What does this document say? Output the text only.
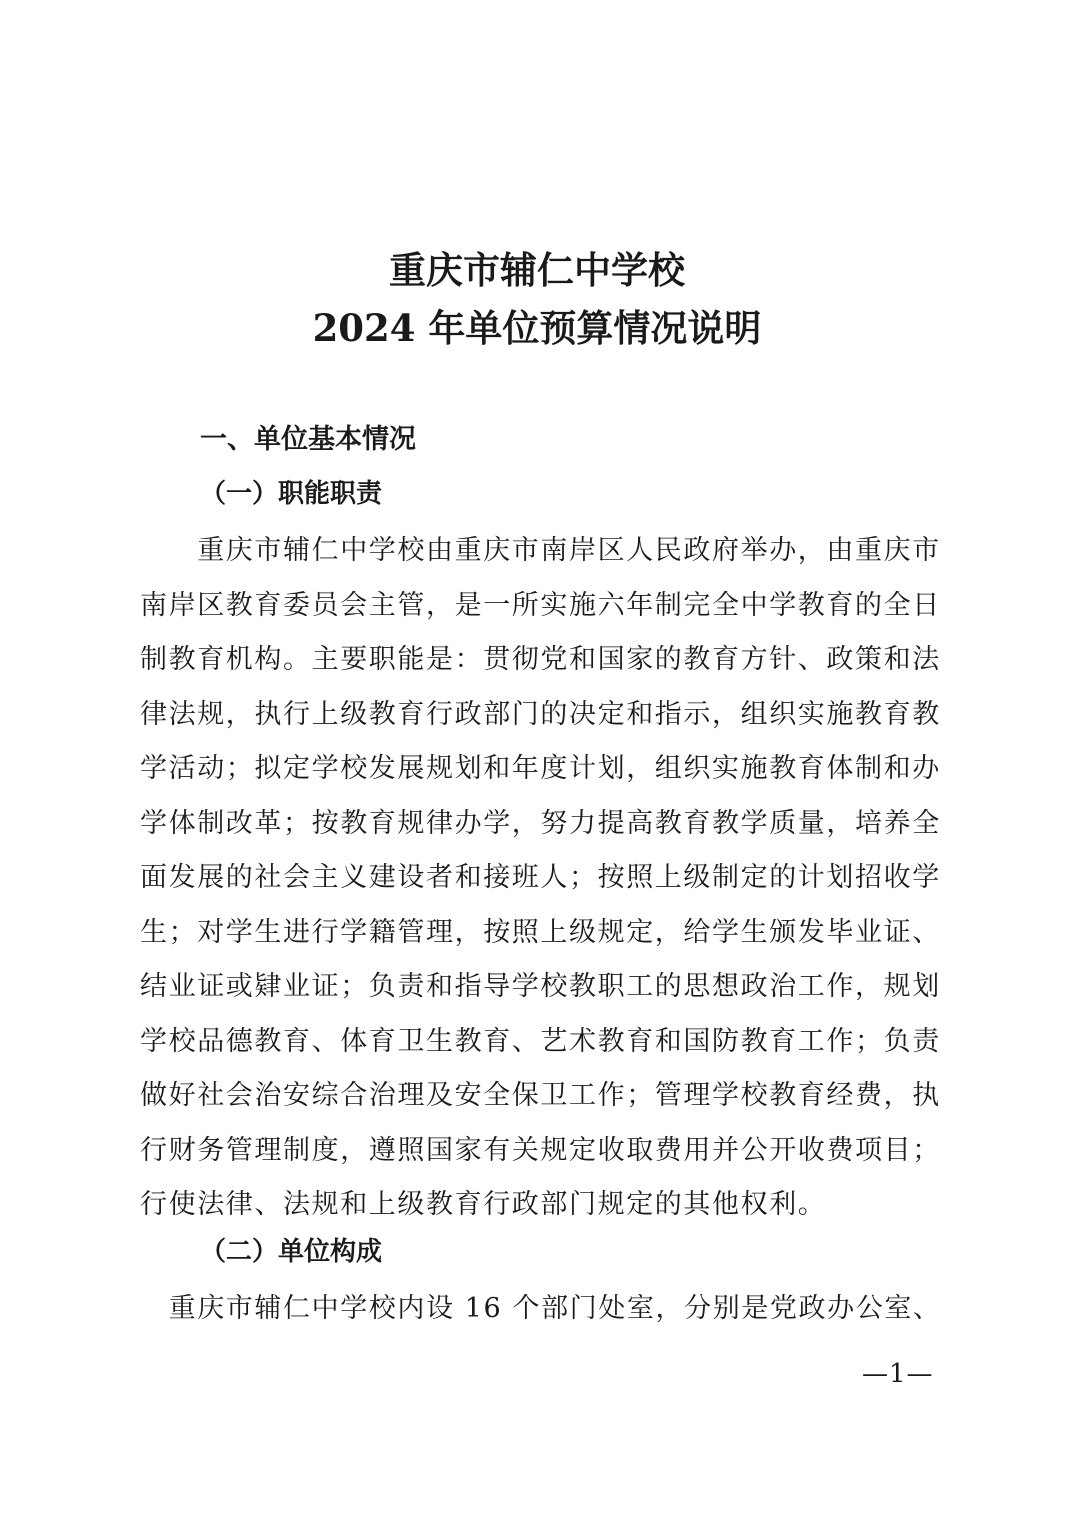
重庆市辅仁中学校
2024 年单位预算情况说明
一、单位基本情况
（一）职能职责
　　重庆市辅仁中学校由重庆市南岸区人民政府举办，由重庆市
南岸区教育委员会主管，是一所实施六年制完全中学教育的全日
制教育机构。主要职能是：贯彻党和国家的教育方针、政策和法
律法规，执行上级教育行政部门的决定和指示，组织实施教育教
学活动；拟定学校发展规划和年度计划，组织实施教育体制和办
学体制改革；按教育规律办学，努力提高教育教学质量，培养全
面发展的社会主义建设者和接班人；按照上级制定的计划招收学
生；对学生进行学籍管理，按照上级规定，给学生颁发毕业证、
结业证或肄业证；负责和指导学校教职工的思想政治工作，规划
学校品德教育、体育卫生教育、艺术教育和国防教育工作；负责
做好社会治安综合治理及安全保卫工作；管理学校教育经费，执
行财务管理制度，遵照国家有关规定收取费用并公开收费项目；
行使法律、法规和上级教育行政部门规定的其他权利。
（二）单位构成
　重庆市辅仁中学校内设 16 个部门处室，分别是党政办公室、
—1—
